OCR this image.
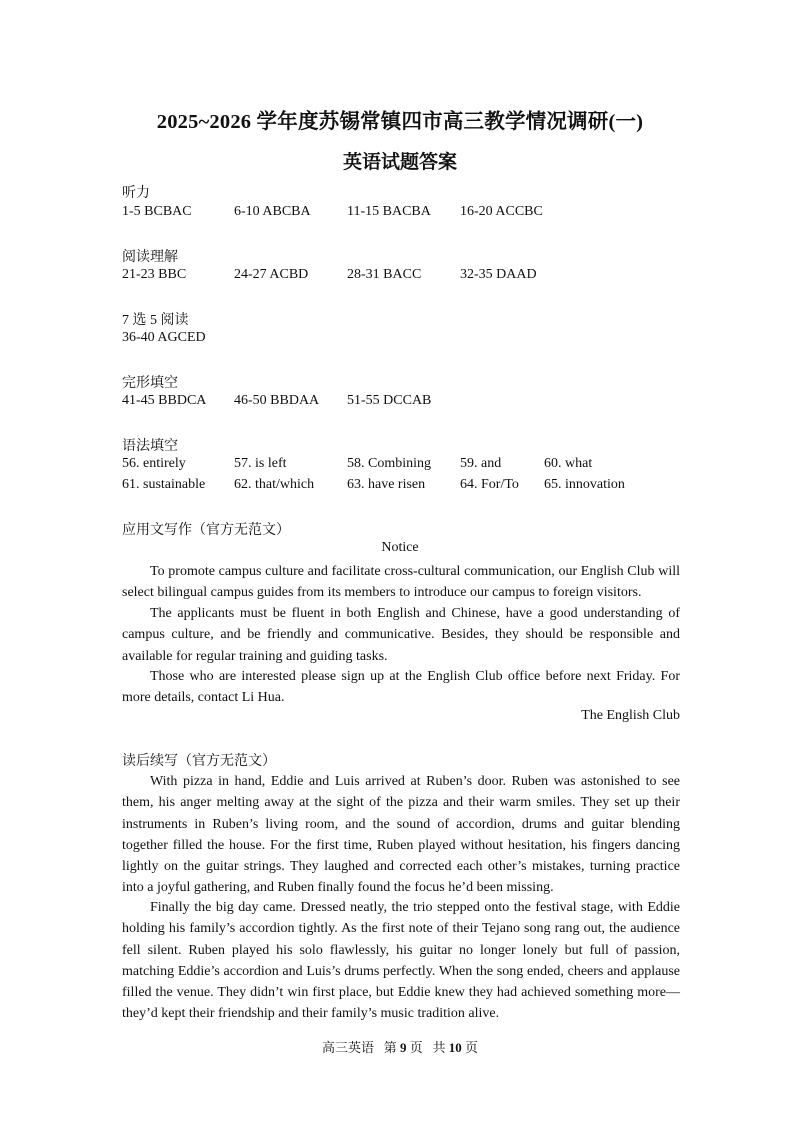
2025~2026 学年度苏锡常镇四市高三教学情况调研(一)
英语试题答案
听力
1-5 BCBAC	6-10 ABCBA	11-15 BACBA 16-20 ACCBC
阅读理解
21-23 BBC	24-27 ACBD	28-31 BACC	32-35 DAAD
7 选 5 阅读
36-40 AGCED
完形填空
41-45 BBDCA 46-50 BBDAA 51-55 DCCAB
语法填空
56. entirely	57. is left	58. Combining 59. and	60. what
61. sustainable 62. that/which 63. have risen 64. For/To 65. innovation
应用文写作（官方无范文）
Notice

To promote campus culture and facilitate cross-cultural communication, our English Club will select bilingual campus guides from its members to introduce our campus to foreign visitors.

The applicants must be fluent in both English and Chinese, have a good understanding of campus culture, and be friendly and communicative. Besides, they should be responsible and available for regular training and guiding tasks.

Those who are interested please sign up at the English Club office before next Friday. For more details, contact Li Hua.

The English Club
读后续写（官方无范文）

With pizza in hand, Eddie and Luis arrived at Ruben’s door. Ruben was astonished to see them, his anger melting away at the sight of the pizza and their warm smiles. They set up their instruments in Ruben’s living room, and the sound of accordion, drums and guitar blending together filled the house. For the first time, Ruben played without hesitation, his fingers dancing lightly on the guitar strings. They laughed and corrected each other’s mistakes, turning practice into a joyful gathering, and Ruben finally found the focus he’d been missing.

Finally the big day came. Dressed neatly, the trio stepped onto the festival stage, with Eddie holding his family’s accordion tightly. As the first note of their Tejano song rang out, the audience fell silent. Ruben played his solo flawlessly, his guitar no longer lonely but full of passion, matching Eddie’s accordion and Luis’s drums perfectly. When the song ended, cheers and applause filled the venue. They didn’t win first place, but Eddie knew they had achieved something more—they’d kept their friendship and their family’s music tradition alive.

高三英语 第 9 页 共 10 页
